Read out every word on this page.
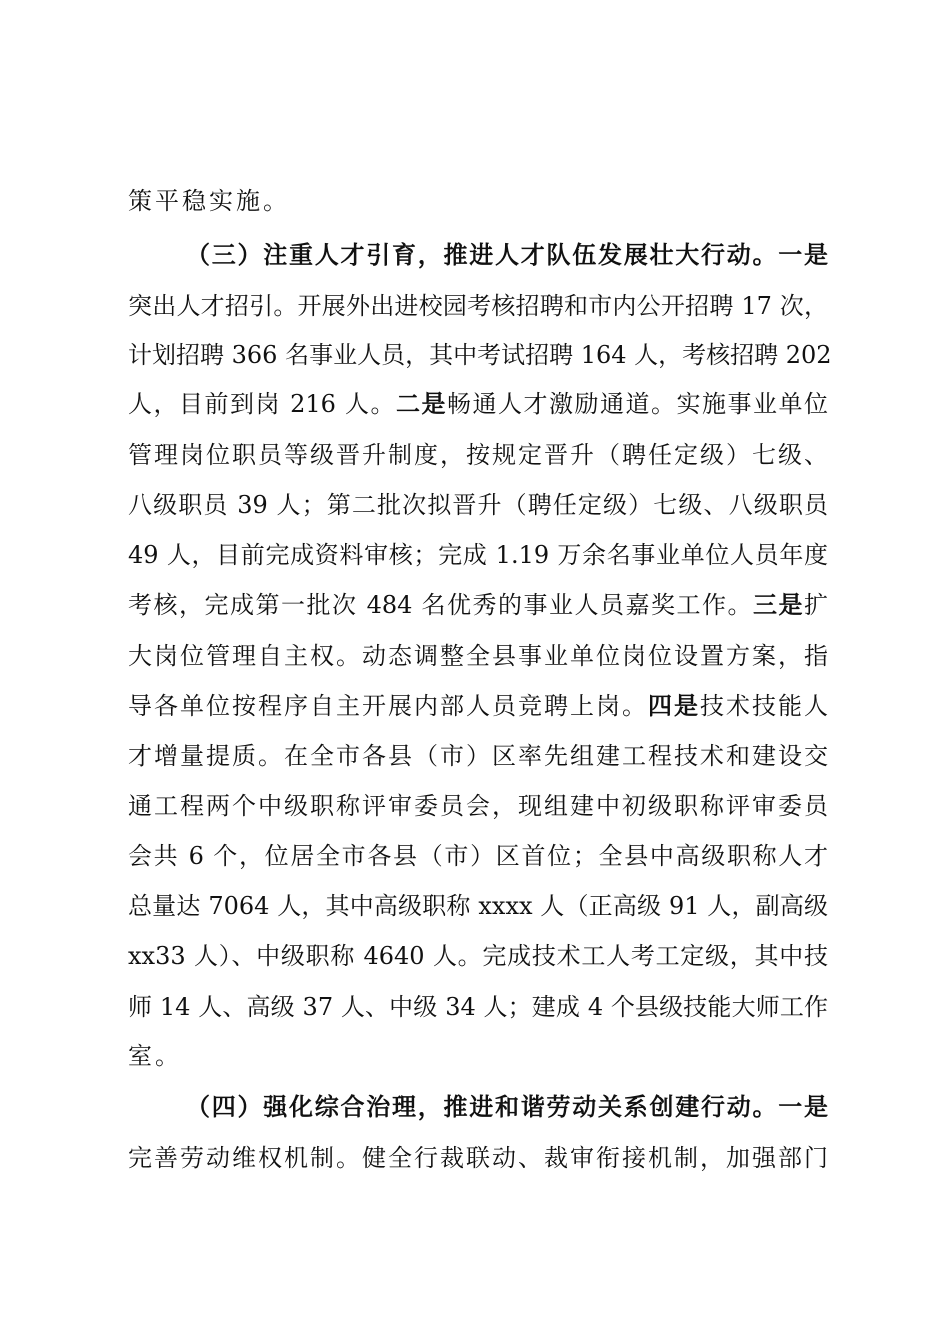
策平稳实施。
（三）注重人才引育，推进人才队伍发展壮大行动。一是
突出人才招引。开展外出进校园考核招聘和市内公开招聘 17 次，
计划招聘 366 名事业人员，其中考试招聘 164 人，考核招聘 202
人，目前到岗 216 人。二是畅通人才激励通道。实施事业单位
管理岗位职员等级晋升制度，按规定晋升（聘任定级）七级、
八级职员 39 人；第二批次拟晋升（聘任定级）七级、八级职员
49 人，目前完成资料审核；完成 1.19 万余名事业单位人员年度
考核，完成第一批次 484 名优秀的事业人员嘉奖工作。三是扩
大岗位管理自主权。动态调整全县事业单位岗位设置方案，指
导各单位按程序自主开展内部人员竞聘上岗。四是技术技能人
才增量提质。在全市各县（市）区率先组建工程技术和建设交
通工程两个中级职称评审委员会，现组建中初级职称评审委员
会共 6 个，位居全市各县（市）区首位；全县中高级职称人才
总量达 7064 人，其中高级职称 xxxx 人（正高级 91 人，副高级
xx33 人）、中级职称 4640 人。完成技术工人考工定级，其中技
师 14 人、高级 37 人、中级 34 人；建成 4 个县级技能大师工作
室。
（四）强化综合治理，推进和谐劳动关系创建行动。一是
完善劳动维权机制。健全行裁联动、裁审衔接机制，加强部门
